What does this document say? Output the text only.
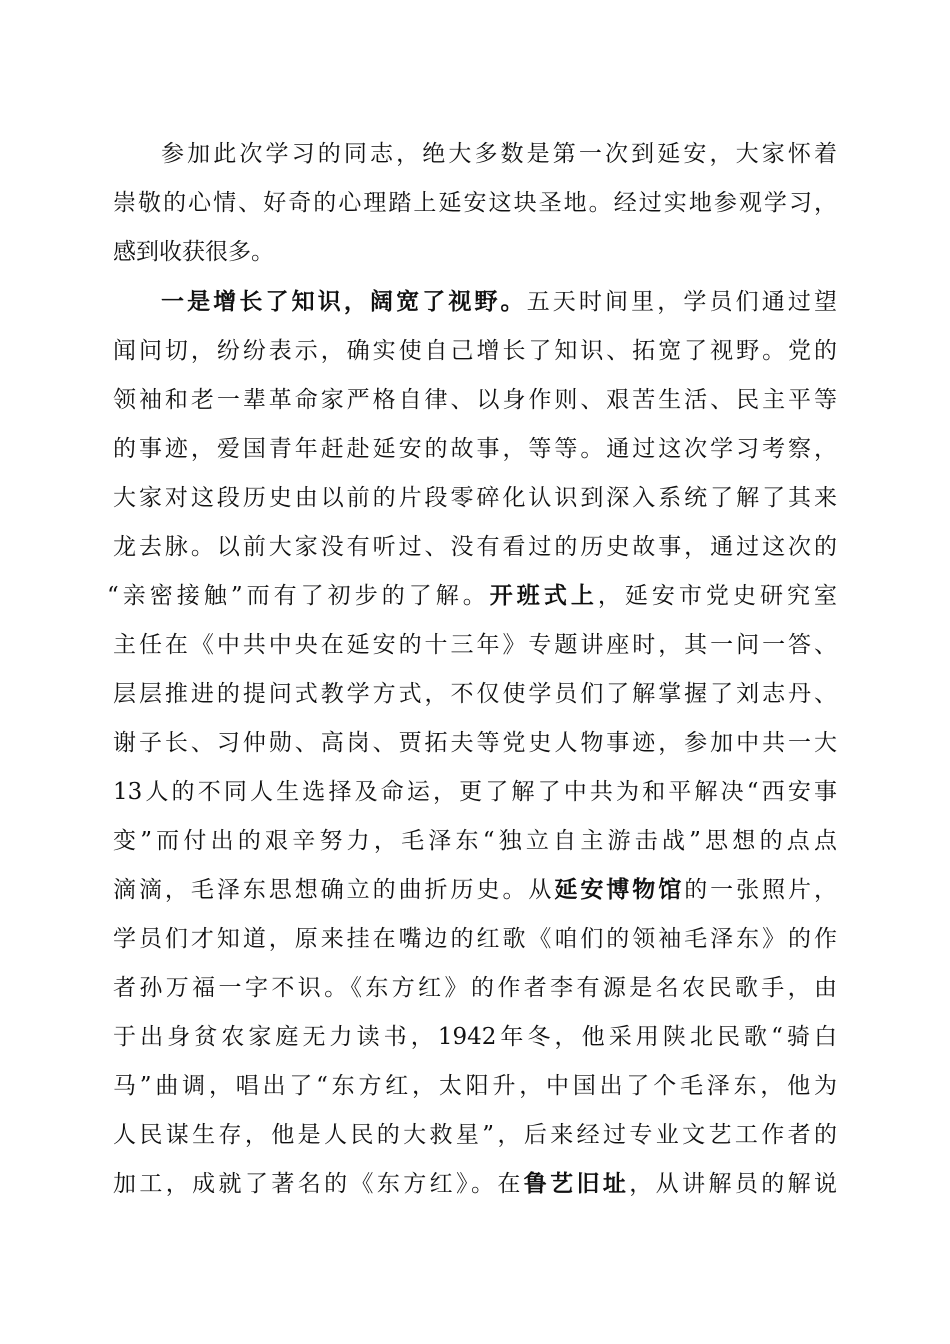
参加此次学习的同志，绝大多数是第一次到延安，大家怀着
崇敬的心情、好奇的心理踏上延安这块圣地。经过实地参观学习，
感到收获很多。
一是增长了知识，阔宽了视野。五天时间里，学员们通过望
闻问切，纷纷表示，确实使自己增长了知识、拓宽了视野。党的
领袖和老一辈革命家严格自律、以身作则、艰苦生活、民主平等
的事迹，爱国青年赶赴延安的故事，等等。通过这次学习考察，
大家对这段历史由以前的片段零碎化认识到深入系统了解了其来
龙去脉。以前大家没有听过、没有看过的历史故事，通过这次的
“亲密接触”而有了初步的了解。开班式上，延安市党史研究室
主任在《中共中央在延安的十三年》专题讲座时，其一问一答、
层层推进的提问式教学方式，不仅使学员们了解掌握了刘志丹、
谢子长、习仲勋、高岗、贾拓夫等党史人物事迹，参加中共一大
13人的不同人生选择及命运，更了解了中共为和平解决“西安事
变”而付出的艰辛努力，毛泽东“独立自主游击战”思想的点点
滴滴，毛泽东思想确立的曲折历史。从延安博物馆的一张照片，
学员们才知道，原来挂在嘴边的红歌《咱们的领袖毛泽东》的作
者孙万福一字不识。《东方红》的作者李有源是名农民歌手，由
于出身贫农家庭无力读书，1942年冬，他采用陕北民歌“骑白
马”曲调，唱出了“东方红，太阳升，中国出了个毛泽东，他为
人民谋生存，他是人民的大救星”，后来经过专业文艺工作者的
加工，成就了著名的《东方红》。在鲁艺旧址，从讲解员的解说
